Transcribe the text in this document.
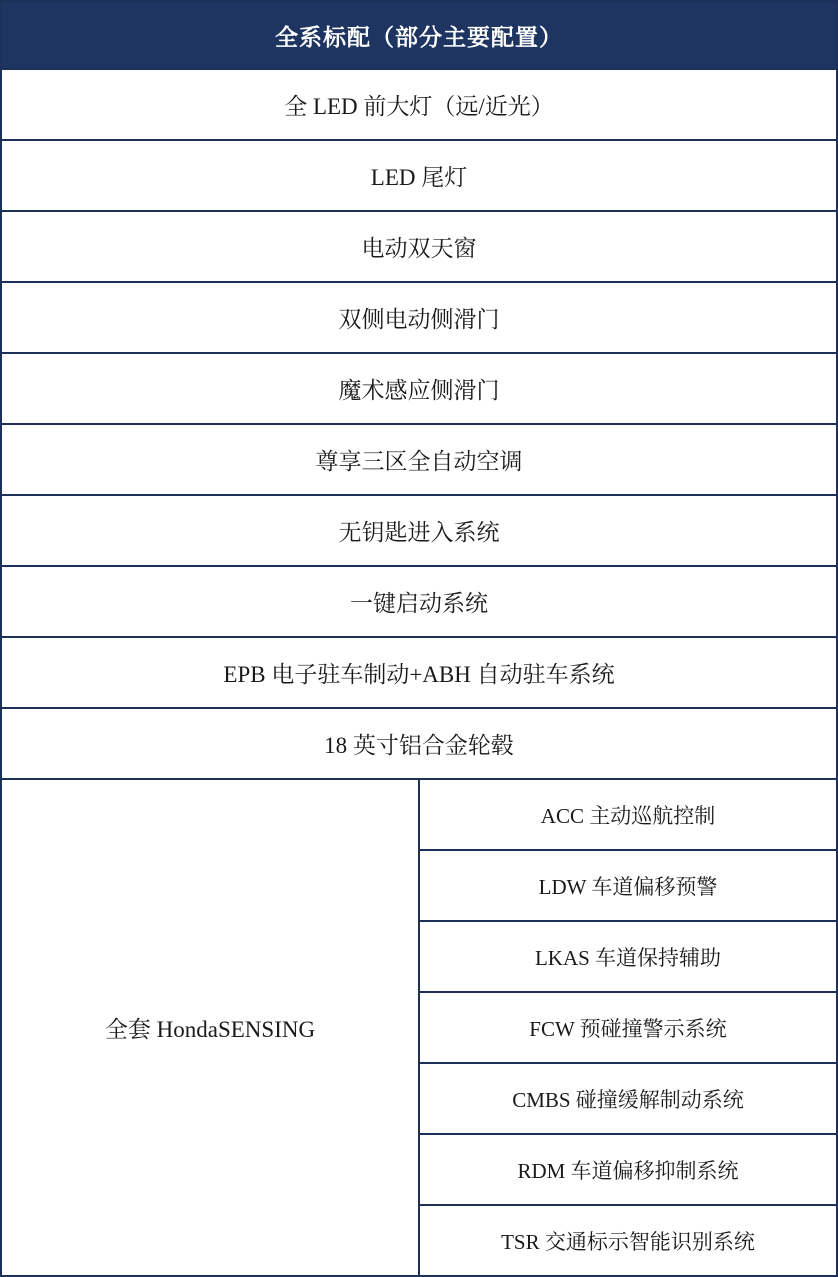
全系标配（部分主要配置）
全 LED 前大灯（远/近光）
LED 尾灯
电动双天窗
双侧电动侧滑门
魔术感应侧滑门
尊享三区全自动空调
无钥匙进入系统
一键启动系统
EPB 电子驻车制动+ABH 自动驻车系统
18 英寸铝合金轮毂
全套 HondaSENSING	ACC 主动巡航控制
LDW 车道偏移预警
LKAS 车道保持辅助
FCW 预碰撞警示系统
CMBS 碰撞缓解制动系统
RDM 车道偏移抑制系统
TSR 交通标示智能识别系统
